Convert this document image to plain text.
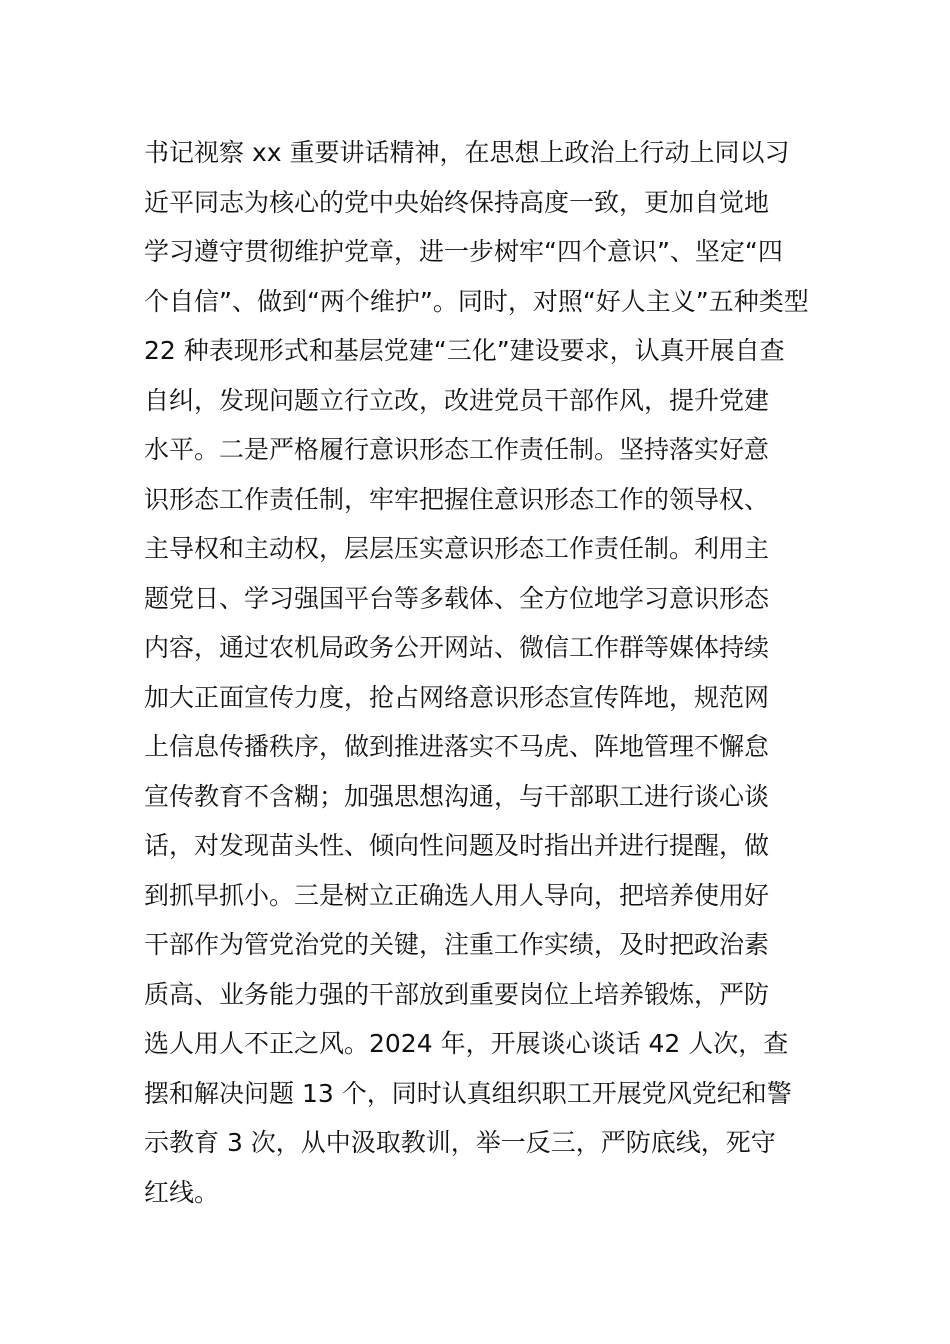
书记视察 xx 重要讲话精神，在思想上政治上行动上同以习
近平同志为核心的党中央始终保持高度一致，更加自觉地
学习遵守贯彻维护党章，进一步树牢“四个意识”、坚定“四
个自信”、做到“两个维护”。同时，对照“好人主义”五种类型
22 种表现形式和基层党建“三化”建设要求，认真开展自查
自纠，发现问题立行立改，改进党员干部作风，提升党建
水平。二是严格履行意识形态工作责任制。坚持落实好意
识形态工作责任制，牢牢把握住意识形态工作的领导权、
主导权和主动权，层层压实意识形态工作责任制。利用主
题党日、学习强国平台等多载体、全方位地学习意识形态
内容，通过农机局政务公开网站、微信工作群等媒体持续
加大正面宣传力度，抢占网络意识形态宣传阵地，规范网
上信息传播秩序，做到推进落实不马虎、阵地管理不懈怠
宣传教育不含糊；加强思想沟通，与干部职工进行谈心谈
话，对发现苗头性、倾向性问题及时指出并进行提醒，做
到抓早抓小。三是树立正确选人用人导向，把培养使用好
干部作为管党治党的关键，注重工作实绩，及时把政治素
质高、业务能力强的干部放到重要岗位上培养锻炼，严防
选人用人不正之风。2024 年，开展谈心谈话 42 人次，查
摆和解决问题 13 个，同时认真组织职工开展党风党纪和警
示教育 3 次，从中汲取教训，举一反三，严防底线，死守
红线。
